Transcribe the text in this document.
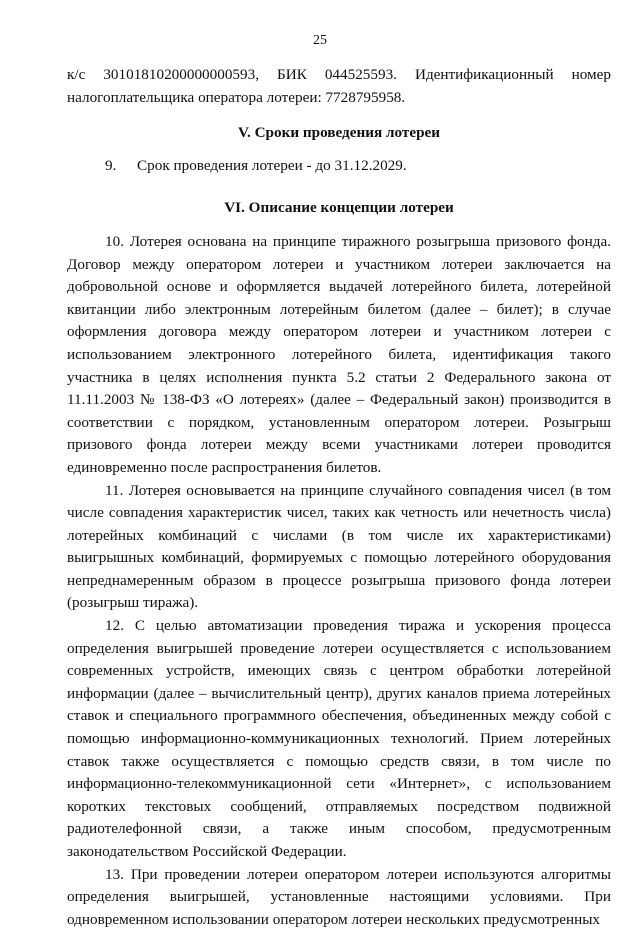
25

к/с 30101810200000000593, БИК 044525593. Идентификационный номер налогоплательщика оператора лотереи: 7728795958.

V. Сроки проведения лотереи

9. Срок проведения лотереи - до 31.12.2029.

VI. Описание концепции лотереи

10. Лотерея основана на принципе тиражного розыгрыша призового фонда. Договор между оператором лотереи и участником лотереи заключается на добровольной основе и оформляется выдачей лотерейного билета, лотерейной квитанции либо электронным лотерейным билетом (далее – билет); в случае оформления договора между оператором лотереи и участником лотереи с использованием электронного лотерейного билета, идентификация такого участника в целях исполнения пункта 5.2 статьи 2 Федерального закона от 11.11.2003 № 138-ФЗ «О лотереях» (далее – Федеральный закон) производится в соответствии с порядком, установленным оператором лотереи. Розыгрыш призового фонда лотереи между всеми участниками лотереи проводится единовременно после распространения билетов.

11. Лотерея основывается на принципе случайного совпадения чисел (в том числе совпадения характеристик чисел, таких как четность или нечетность числа) лотерейных комбинаций с числами (в том числе их характеристиками) выигрышных комбинаций, формируемых с помощью лотерейного оборудования непреднамеренным образом в процессе розыгрыша призового фонда лотереи (розыгрыш тиража).

12. С целью автоматизации проведения тиража и ускорения процесса определения выигрышей проведение лотереи осуществляется с использованием современных устройств, имеющих связь с центром обработки лотерейной информации (далее – вычислительный центр), других каналов приема лотерейных ставок и специального программного обеспечения, объединенных между собой с помощью информационно-коммуникационных технологий. Прием лотерейных ставок также осуществляется с помощью средств связи, в том числе по информационно-телекоммуникационной сети «Интернет», с использованием коротких текстовых сообщений, отправляемых посредством подвижной радиотелефонной связи, а также иным способом, предусмотренным законодательством Российской Федерации.

13. При проведении лотереи оператором лотереи используются алгоритмы определения выигрышей, установленные настоящими условиями. При одновременном использовании оператором лотереи нескольких предусмотренных
